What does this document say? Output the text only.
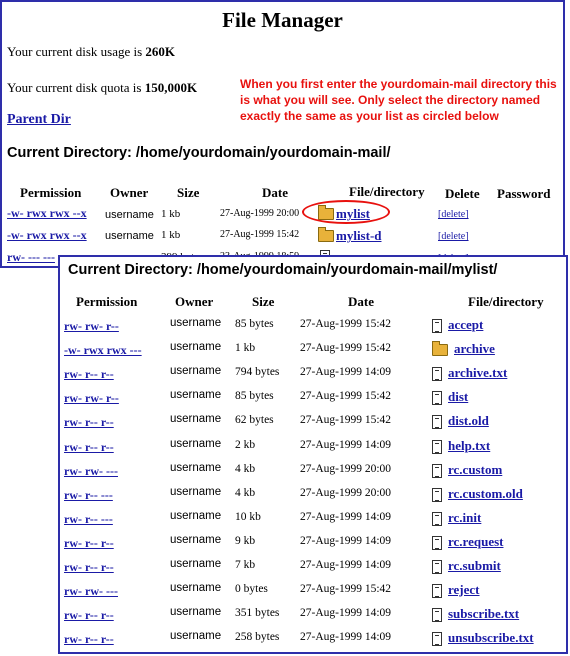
File Manager
Your current disk usage is 260K
Your current disk quota is 150,000K	When you first enter the yourdomain-mail directory this is what you will see. Only select the directory named exactly the same as your list as circled below
Parent Dir
Current Directory: /home/yourdomain/yourdomain-mail/
Permission Owner Size	Date	File/directory Delete Password
-w- rwx rwx --x username 1 kb	27-Aug-1999 20:00	mylist	[delete]
-w- rwx rwx --x username 1 kb	27-Aug-1999 15:42	mylist-d	[delete]
rw- --- ---
Current Directory: /home/yourdomain/yourdomain-mail/mylist/
Permission	Owner	Size	Date	File/directory
rw- rw- r--	username 85 bytes 27-Aug-1999 15:42	accept
-w- rwx rwx --- username 1 kb	27-Aug-1999 15:42	archive
rw- r-- r--	username 794 bytes 27-Aug-1999 14:09	archive.txt
rw- rw- r--	username 85 bytes 27-Aug-1999 15:42	dist
rw- r-- r--	username 62 bytes 27-Aug-1999 15:42	dist.old
rw- r-- r--	username 2 kb	27-Aug-1999 14:09	help.txt
rw- rw- ---	username 4 kb	27-Aug-1999 20:00	rc.custom
rw- r-- ---	username 4 kb	27-Aug-1999 20:00	rc.custom.old
rw- r-- ---	username 10 kb	27-Aug-1999 14:09	rc.init
rw- r-- r--	username 9 kb	27-Aug-1999 14:09	rc.request
rw- r-- r--	username 7 kb	27-Aug-1999 14:09	rc.submit
rw- rw- ---	username 0 bytes	27-Aug-1999 15:42	reject
rw- r-- r--	username 351 bytes 27-Aug-1999 14:09	subscribe.txt
rw- r-- r--	username 258 bytes 27-Aug-1999 14:09	unsubscribe.txt
